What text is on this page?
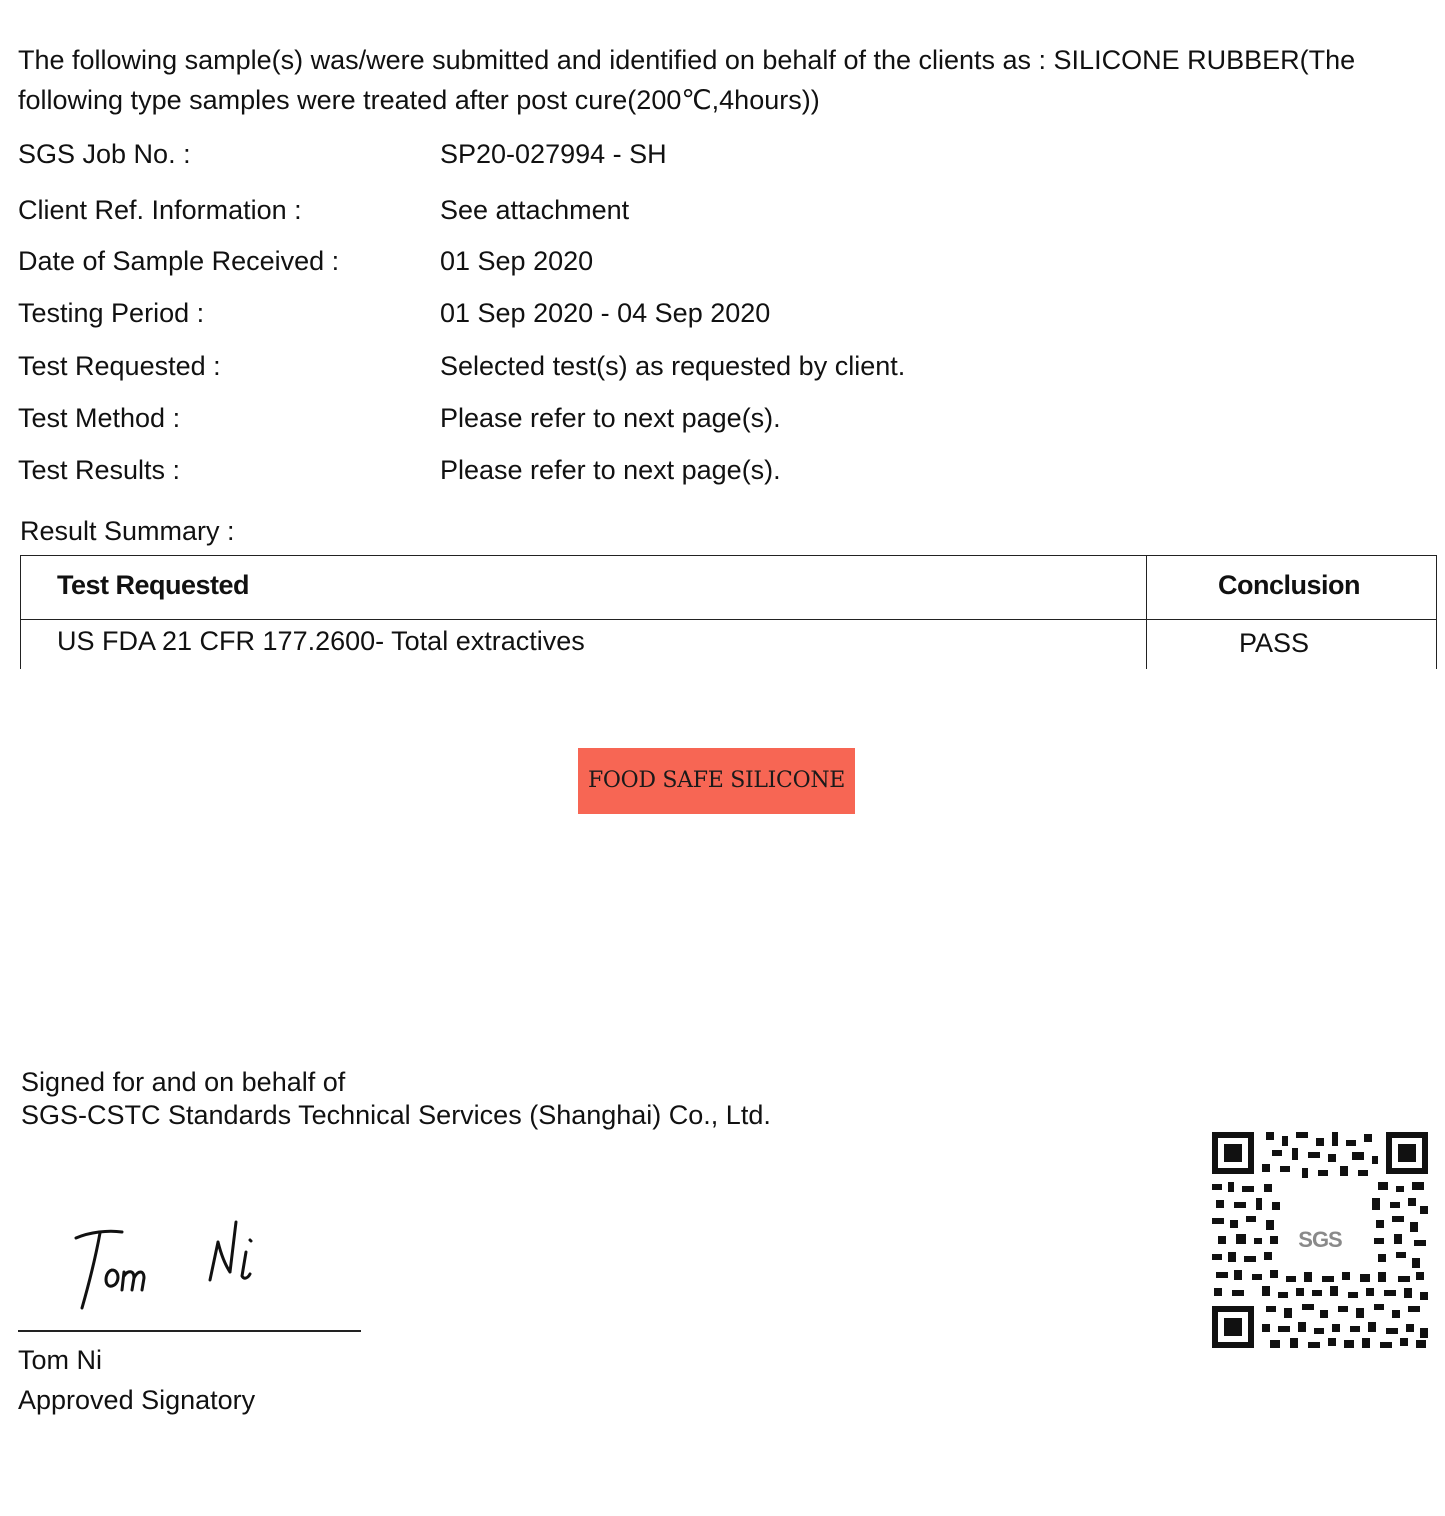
The following sample(s) was/were submitted and identified on behalf of the clients as : SILICONE RUBBER(The following type samples were treated after post cure(200℃,4hours))

SGS Job No. :	SP20-027994 - SH
Client Ref. Information :	See attachment
Date of Sample Received :	01 Sep 2020
Testing Period :	01 Sep 2020 - 04 Sep 2020
Test Requested :	Selected test(s) as requested by client.
Test Method :	Please refer to next page(s).
Test Results :	Please refer to next page(s).
Result Summary :
Test Requested	Conclusion
US FDA 21 CFR 177.2600- Total extractives	PASS
FOOD SAFE SILICONE
Signed for and on behalf of
SGS-CSTC Standards Technical Services (Shanghai) Co., Ltd.
Tom Ni
Approved Signatory
SGS
